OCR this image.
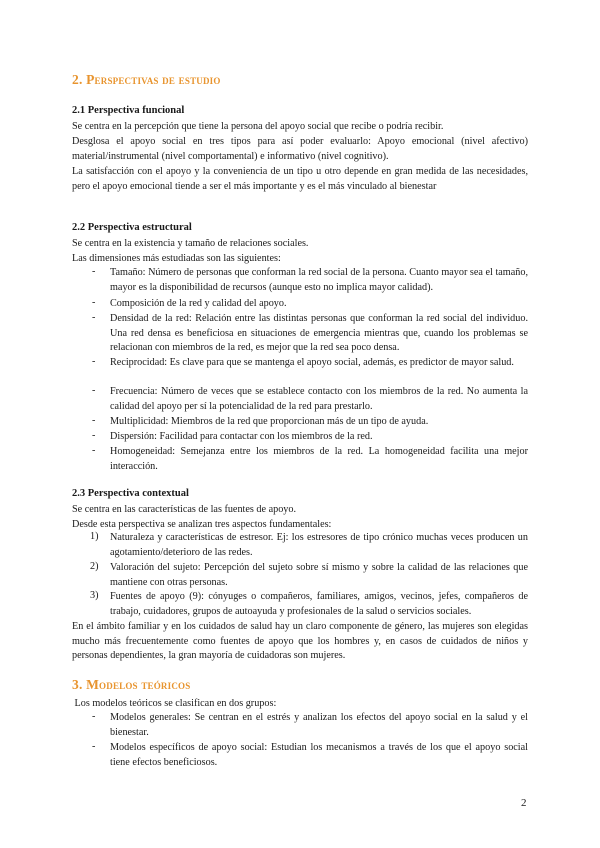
2. Perspectivas de estudio
2.1 Perspectiva funcional
Se centra en la percepción que tiene la persona del apoyo social que recibe o podría recibir.
Desglosa el apoyo social en tres tipos para así poder evaluarlo: Apoyo emocional (nivel afectivo) material/instrumental (nivel comportamental) e informativo (nivel cognitivo).
La satisfacción con el apoyo y la conveniencia de un tipo u otro depende en gran medida de las necesidades, pero el apoyo emocional tiende a ser el más importante y es el más vinculado al bienestar
2.2 Perspectiva estructural
Se centra en la existencia y tamaño de relaciones sociales.
Las dimensiones más estudiadas son las siguientes:
- Tamaño: Número de personas que conforman la red social de la persona. Cuanto mayor sea el tamaño, mayor es la disponibilidad de recursos (aunque esto no implica mayor calidad).
- Composición de la red y calidad del apoyo.
- Densidad de la red: Relación entre las distintas personas que conforman la red social del individuo. Una red densa es beneficiosa en situaciones de emergencia mientras que, cuando los problemas se relacionan con miembros de la red, es mejor que la red sea poco densa.
- Reciprocidad: Es clave para que se mantenga el apoyo social, además, es predictor de mayor salud.
- Frecuencia: Número de veces que se establece contacto con los miembros de la red. No aumenta la calidad del apoyo per sí la potencialidad de la red para prestarlo.
- Multiplicidad: Miembros de la red que proporcionan más de un tipo de ayuda.
- Dispersión: Facilidad para contactar con los miembros de la red.
- Homogeneidad: Semejanza entre los miembros de la red. La homogeneidad facilita una mejor interacción.
2.3 Perspectiva contextual
Se centra en las características de las fuentes de apoyo.
Desde esta perspectiva se analizan tres aspectos fundamentales:
1) Naturaleza y características de estresor. Ej: los estresores de tipo crónico muchas veces producen un agotamiento/deterioro de las redes.
2) Valoración del sujeto: Percepción del sujeto sobre sí mismo y sobre la calidad de las relaciones que mantiene con otras personas.
3) Fuentes de apoyo (9): cónyuges o compañeros, familiares, amigos, vecinos, jefes, compañeros de trabajo, cuidadores, grupos de autoayuda y profesionales de la salud o servicios sociales.
En el ámbito familiar y en los cuidados de salud hay un claro componente de género, las mujeres son elegidas mucho más frecuentemente como fuentes de apoyo que los hombres y, en casos de cuidados de niños y personas dependientes, la gran mayoría de cuidadoras son mujeres.
3. Modelos teóricos
Los modelos teóricos se clasifican en dos grupos:
- Modelos generales: Se centran en el estrés y analizan los efectos del apoyo social en la salud y el bienestar.
- Modelos específicos de apoyo social: Estudian los mecanismos a través de los que el apoyo social tiene efectos beneficiosos.
2
